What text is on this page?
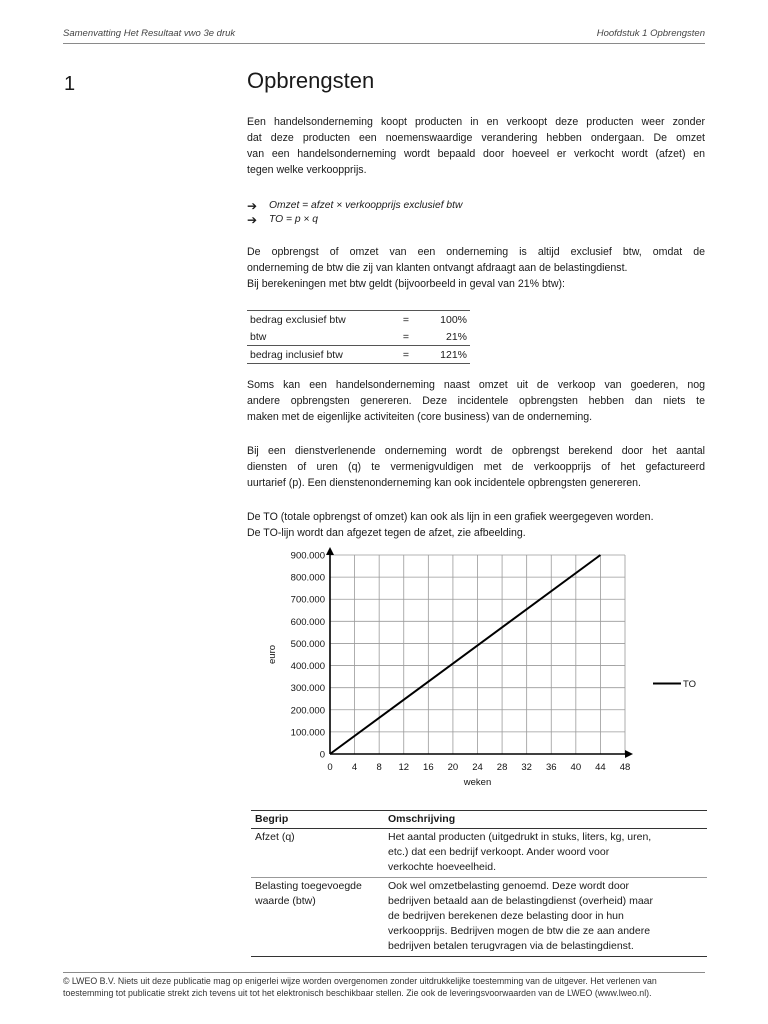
Samenvatting Het Resultaat vwo 3e druk	Hoofdstuk 1 Opbrengsten
1	Opbrengsten
Een handelsonderneming koopt producten in en verkoopt deze producten weer zonder
dat deze producten een noemenswaardige verandering hebben ondergaan. De omzet
van een handelsonderneming wordt bepaald door hoeveel er verkocht wordt (afzet) en
tegen welke verkoopprijs.
➔	Omzet = afzet × verkoopprijs exclusief btw
➔	TO = p × q
De opbrengst of omzet van een onderneming is altijd exclusief btw, omdat de
onderneming de btw die zij van klanten ontvangt afdraagt aan de belastingdienst.
Bij berekeningen met btw geldt (bijvoorbeeld in geval van 21% btw):
bedrag exclusief btw	=	100%
btw	=	21%
bedrag inclusief btw	=	121%
Soms kan een handelsonderneming naast omzet uit de verkoop van goederen, nog
andere opbrengsten genereren. Deze incidentele opbrengsten hebben dan niets te
maken met de eigenlijke activiteiten (core business) van de onderneming.
Bij een dienstverlenende onderneming wordt de opbrengst berekend door het aantal
diensten of uren (q) te vermenigvuldigen met de verkoopprijs of het gefactureerd
uurtarief (p). Een dienstenonderneming kan ook incidentele opbrengsten genereren.
De TO (totale opbrengst of omzet) kan ook als lijn in een grafiek weergegeven worden.
De TO-lijn wordt dan afgezet tegen de afzet, zie afbeelding.
0 4 8 12 16 20 24 28 32 36 40 44 48
0
100.000
200.000
300.000
400.000
500.000
600.000
700.000
800.000
900.000
weken
euro
TO
Begrip	Omschrijving

Afzet (q)	Het aantal producten (uitgedrukt in stuks, liters, kg, uren,
etc.) dat een bedrijf verkoopt. Ander woord voor
verkochte hoeveelheid.

Belasting toegevoegde
waarde (btw)	Ook wel omzetbelasting genoemd. Deze wordt door
bedrijven betaald aan de belastingdienst (overheid) maar
de bedrijven berekenen deze belasting door in hun
verkoopprijs. Bedrijven mogen de btw die ze aan andere
bedrijven betalen terugvragen via de belastingdienst.
© LWEO B.V. Niets uit deze publicatie mag op enigerlei wijze worden overgenomen zonder uitdrukkelijke toestemming van de uitgever. Het verlenen van
toestemming tot publicatie strekt zich tevens uit tot het elektronisch beschikbaar stellen. Zie ook de leveringsvoorwaarden van de LWEO (www.lweo.nl).
